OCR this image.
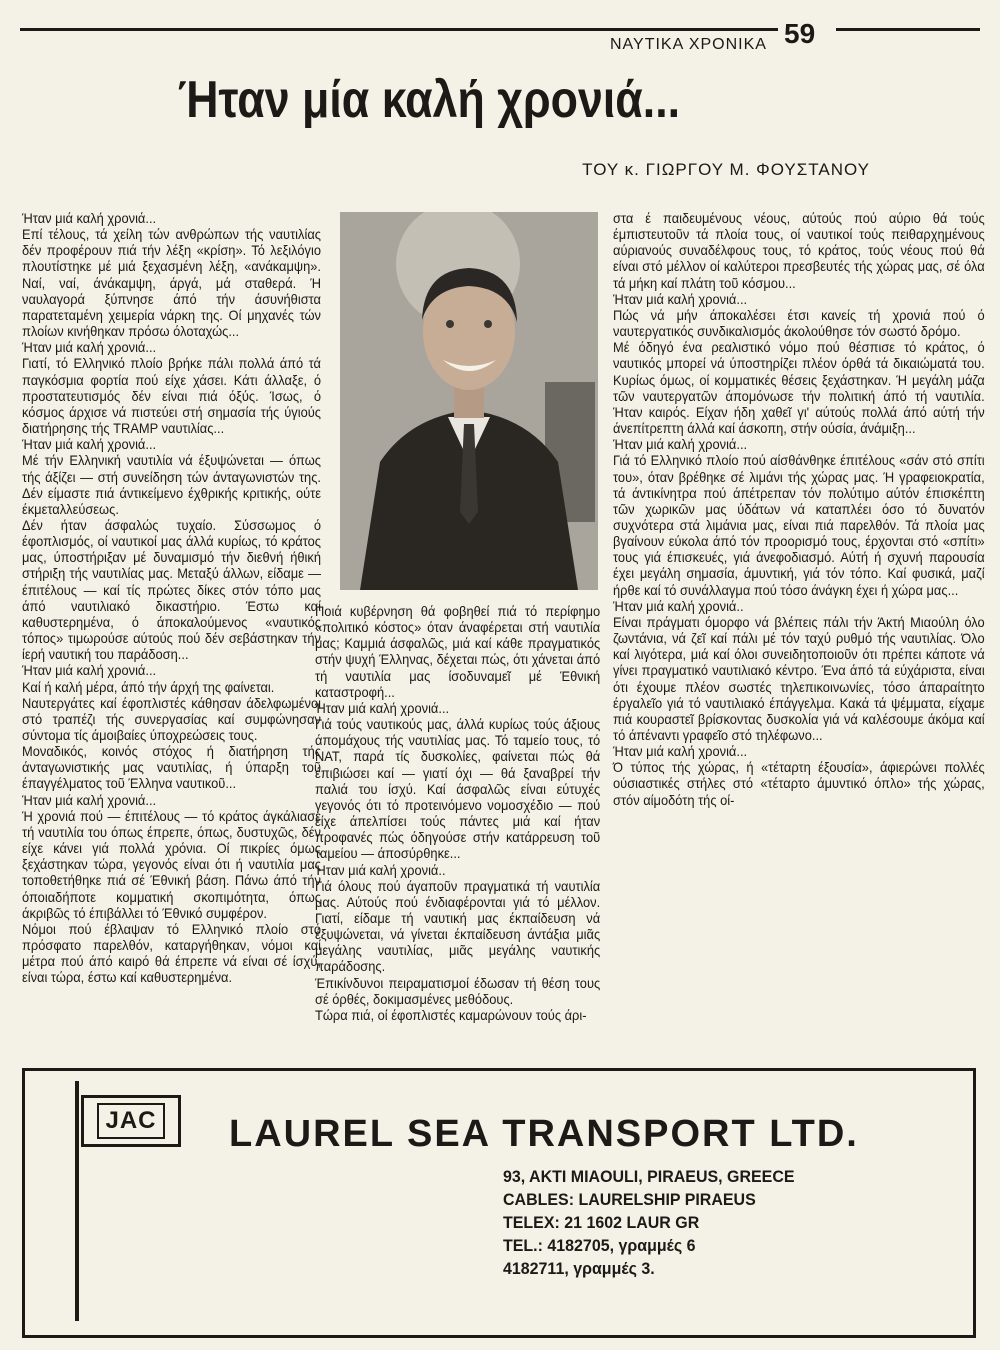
ΝΑΥΤΙΚΑ ΧΡΟΝΙΚΑ 59
Ήταν μία καλή χρονιά...
ΤΟΥ κ. ΓΙΩΡΓΟΥ Μ. ΦΟΥΣΤΑΝΟΥ

Ήταν μιά καλή χρονιά...

Επί τέλους, τά χείλη τών ανθρώπων τής ναυτιλίας δέν προφέρουν πιά τήν λέξη «κρίση». Τό λεξιλόγιο πλουτίστηκε μέ μιά ξεχασμένη λέξη, «ανάκαμψη». Ναί, ναί, άνάκαμψη, άργά, μά σταθερά. Ή ναυλαγορά ξύπνησε άπό τήν άσυνήθιστα παρατεταμένη χειμερία νάρκη της. Οί μηχανές τών πλοίων κινήθηκαν πρόσω όλοταχώς...

Ήταν μιά καλή χρονιά...

Γιατί, τό Ελληνικό πλοίο βρήκε πάλι πολλά άπό τά παγκόσμια φορτία πού είχε χάσει. Κάτι άλλαξε, ό προστατευτισμός δέν είναι πιά όξύς. Ίσως, ό κόσμος άρχισε νά πιστεύει στή σημασία τής ύγιούς διατήρησης τής TRAMP ναυτιλίας...

Ήταν μιά καλή χρονιά...

Μέ τήν Ελληνική ναυτιλία νά έξυψώνεται — όπως τής άξίζει — στή συνείδηση τών άνταγωνιστών της. Δέν είμαστε πιά άντικείμενο έχθρικής κριτικής, ούτε έκμεταλλεύσεως.

Δέν ήταν άσφαλώς τυχαίο. Σύσσωμος ό έφοπλισμός, οί ναυτικοί μας άλλά κυρίως, τό κράτος μας, ύποστήριξαν μέ δυναμισμό τήν διεθνή ήθική στήριξη τής ναυτιλίας μας. Μεταξύ άλλων, είδαμε — έπιτέλους — καί τίς πρώτες δίκες στόν τόπο μας άπό ναυτιλιακό δικαστήριο. Έστω καί καθυστερημένα, ό άποκαλούμενος «ναυτικός τόπος» τιμωρούσε αύτούς πού δέν σεβάστηκαν τήν ίερή ναυτική του παράδοση...

Ήταν μιά καλή χρονιά...

Καί ή καλή μέρα, άπό τήν άρχή της φαίνεται.

Ναυτεργάτες καί έφοπλιστές κάθησαν άδελφωμένοι στό τραπέζι τής συνεργασίας καί συμφώνησαν σύντομα τίς άμοιβαίες ύποχρεώσεις τους.

Μοναδικός, κοινός στόχος ή διατήρηση τής άνταγωνιστικής μας ναυτιλίας, ή ύπαρξη τοῦ έπαγγέλματος τοῦ Έλληνα ναυτικοῦ...

Ήταν μιά καλή χρονιά...

Ή χρονιά πού — έπιτέλους — τό κράτος άγκάλιασε τή ναυτιλία του όπως έπρεπε, όπως, δυστυχῶς, δέν είχε κάνει γιά πολλά χρόνια. Οί πικρίες όμως ξεχάστηκαν τώρα, γεγονός είναι ότι ή ναυτιλία μας τοποθετήθηκε πιά σέ Έθνική βάση. Πάνω άπό τήν όποιαδήποτε κομματική σκοπιμότητα, όπως άκριβῶς τό έπιβάλλει τό Έθνικό συμφέρον.

Νόμοι πού έβλαψαν τό Ελληνικό πλοίο στό πρόσφατο παρελθόν, καταργήθηκαν, νόμοι καί μέτρα πού άπό καιρό θά έπρεπε νά είναι σέ ίσχύ, είναι τώρα, έστω καί καθυστερημένα.

Ποιά κυβέρνηση θά φοβηθεί πιά τό περίφημο «πολιτικό κόστος» όταν άναφέρεται στή ναυτιλία μας; Καμμιά άσφαλῶς, μιά καί κάθε πραγματικός στήν ψυχή Έλληνας, δέχεται πώς, ότι χάνεται άπό τή ναυτιλία μας ίσοδυναμεῖ μέ Έθνική καταστροφή...

Ήταν μιά καλή χρονιά...

Γιά τούς ναυτικούς μας, άλλά κυρίως τούς άξιους άπομάχους τής ναυτιλίας μας. Τό ταμείο τους, τό ΝΑΤ, παρά τίς δυσκολίες, φαίνεται πώς θά έπιβιώσει καί — γιατί όχι — θά ξαναβρεί τήν παλιά του ίσχύ. Καί άσφαλῶς είναι εύτυχές γεγονός ότι τό προτεινόμενο νομοσχέδιο — πού είχε άπελπίσει τούς πάντες μιά καί ήταν προφανές πώς όδηγούσε στήν κατάρρευση τοῦ ταμείου — άποσύρθηκε...

Ήταν μιά καλή χρονιά..

Γιά όλους πού άγαποῦν πραγματικά τή ναυτιλία μας. Αύτούς πού ένδιαφέρονται γιά τό μέλλον. Γιατί, είδαμε τή ναυτική μας έκπαίδευση νά έξυψώνεται, νά γίνεται έκπαίδευση άντάξια μιᾶς μεγάλης ναυτιλίας, μιᾶς μεγάλης ναυτικής παράδοσης.

Έπικίνδυνοι πειραματισμοί έδωσαν τή θέση τους σέ όρθές, δοκιμασμένες μεθόδους.

Τώρα πιά, οί έφοπλιστές καμαρώνουν τούς άρι-

στα έ παιδευμένους νέους, αύτούς πού αύριο θά τούς έμπιστευτοῦν τά πλοία τους, οί ναυτικοί τούς πειθαρχημένους αύριανούς συναδέλφους τους, τό κράτος, τούς νέους πού θά είναι στό μέλλον οί καλύτεροι πρεσβευτές τής χώρας μας, σέ όλα τά μήκη καί πλάτη τοῦ κόσμου...

Ήταν μιά καλή χρονιά...

Πώς νά μήν άποκαλέσει έτσι κανείς τή χρονιά πού ό ναυτεργατικός συνδικαλισμός άκολούθησε τόν σωστό δρόμο.

Μέ όδηγό ένα ρεαλιστικό νόμο πού θέσπισε τό κράτος, ό ναυτικός μπορεί νά ύποστηρίζει πλέον όρθά τά δικαιώματά του. Κυρίως όμως, οί κομματικές θέσεις ξεχάστηκαν. Ή μεγάλη μάζα τῶν ναυτεργατῶν άπομόνωσε τήν πολιτική άπό τή ναυτιλία. Ήταν καιρός. Είχαν ήδη χαθεῖ γι' αύτούς πολλά άπό αύτή τήν άνεπίτρεπτη άλλά καί άσκοπη, στήν ούσία, άνάμιξη...

Ήταν μιά καλή χρονιά...

Γιά τό Ελληνικό πλοίο πού αίσθάνθηκε έπιτέλους «σάν στό σπίτι του», όταν βρέθηκε σέ λιμάνι τής χώρας μας. Ή γραφειοκρατία, τά άντικίνητρα πού άπέτρεπαν τόν πολύτιμο αύτόν έπισκέπτη τῶν χωρικῶν μας ύδάτων νά καταπλέει όσο τό δυνατόν συχνότερα στά λιμάνια μας, είναι πιά παρελθόν. Τά πλοία μας βγαίνουν εύκολα άπό τόν προορισμό τους, έρχονται στό «σπίτι» τους γιά έπισκευές, γιά άνεφοδιασμό. Αύτή ή σχυνή παρουσία έχει μεγάλη σημασία, άμυντική, γιά τόν τόπο. Καί φυσικά, μαζί ήρθε καί τό συνάλλαγμα πού τόσο άνάγκη έχει ή χώρα μας...

Ήταν μιά καλή χρονιά..

Είναι πράγματι όμορφο νά βλέπεις πάλι τήν Άκτή Μιαούλη όλο ζωντάνια, νά ζεῖ καί πάλι μέ τόν ταχύ ρυθμό τής ναυτιλίας. Όλο καί λιγότερα, μιά καί όλοι συνειδητοποιοῦν ότι πρέπει κάποτε νά γίνει πραγματικό ναυτιλιακό κέντρο. Ένα άπό τά εύχάριστα, είναι ότι έχουμε πλέον σωστές τηλεπικοινωνίες, τόσο άπαραίτητο έργαλεῖο γιά τό ναυτιλιακό έπάγγελμα. Κακά τά ψέμματα, είχαμε πιά κουραστεῖ βρίσκοντας δυσκολία γιά νά καλέσουμε άκόμα καί τό άπέναντι γραφεῖο στό τηλέφωνο...

Ήταν μιά καλή χρονιά...

Ό τύπος τής χώρας, ή «τέταρτη έξουσία», άφιερώνει πολλές ούσιαστικές στήλες στό «τέταρτο άμυντικό όπλο» τής χώρας, στόν αίμοδότη τής οί-

JAC LAUREL SEA TRANSPORT LTD.
93, AKTI MIAOULI, PIRAEUS, GREECE
CABLES: LAURELSHIP PIRAEUS
TELEX: 21 1602 LAUR GR
TEL.: 4182705, γραμμές 6
4182711, γραμμές 3.
